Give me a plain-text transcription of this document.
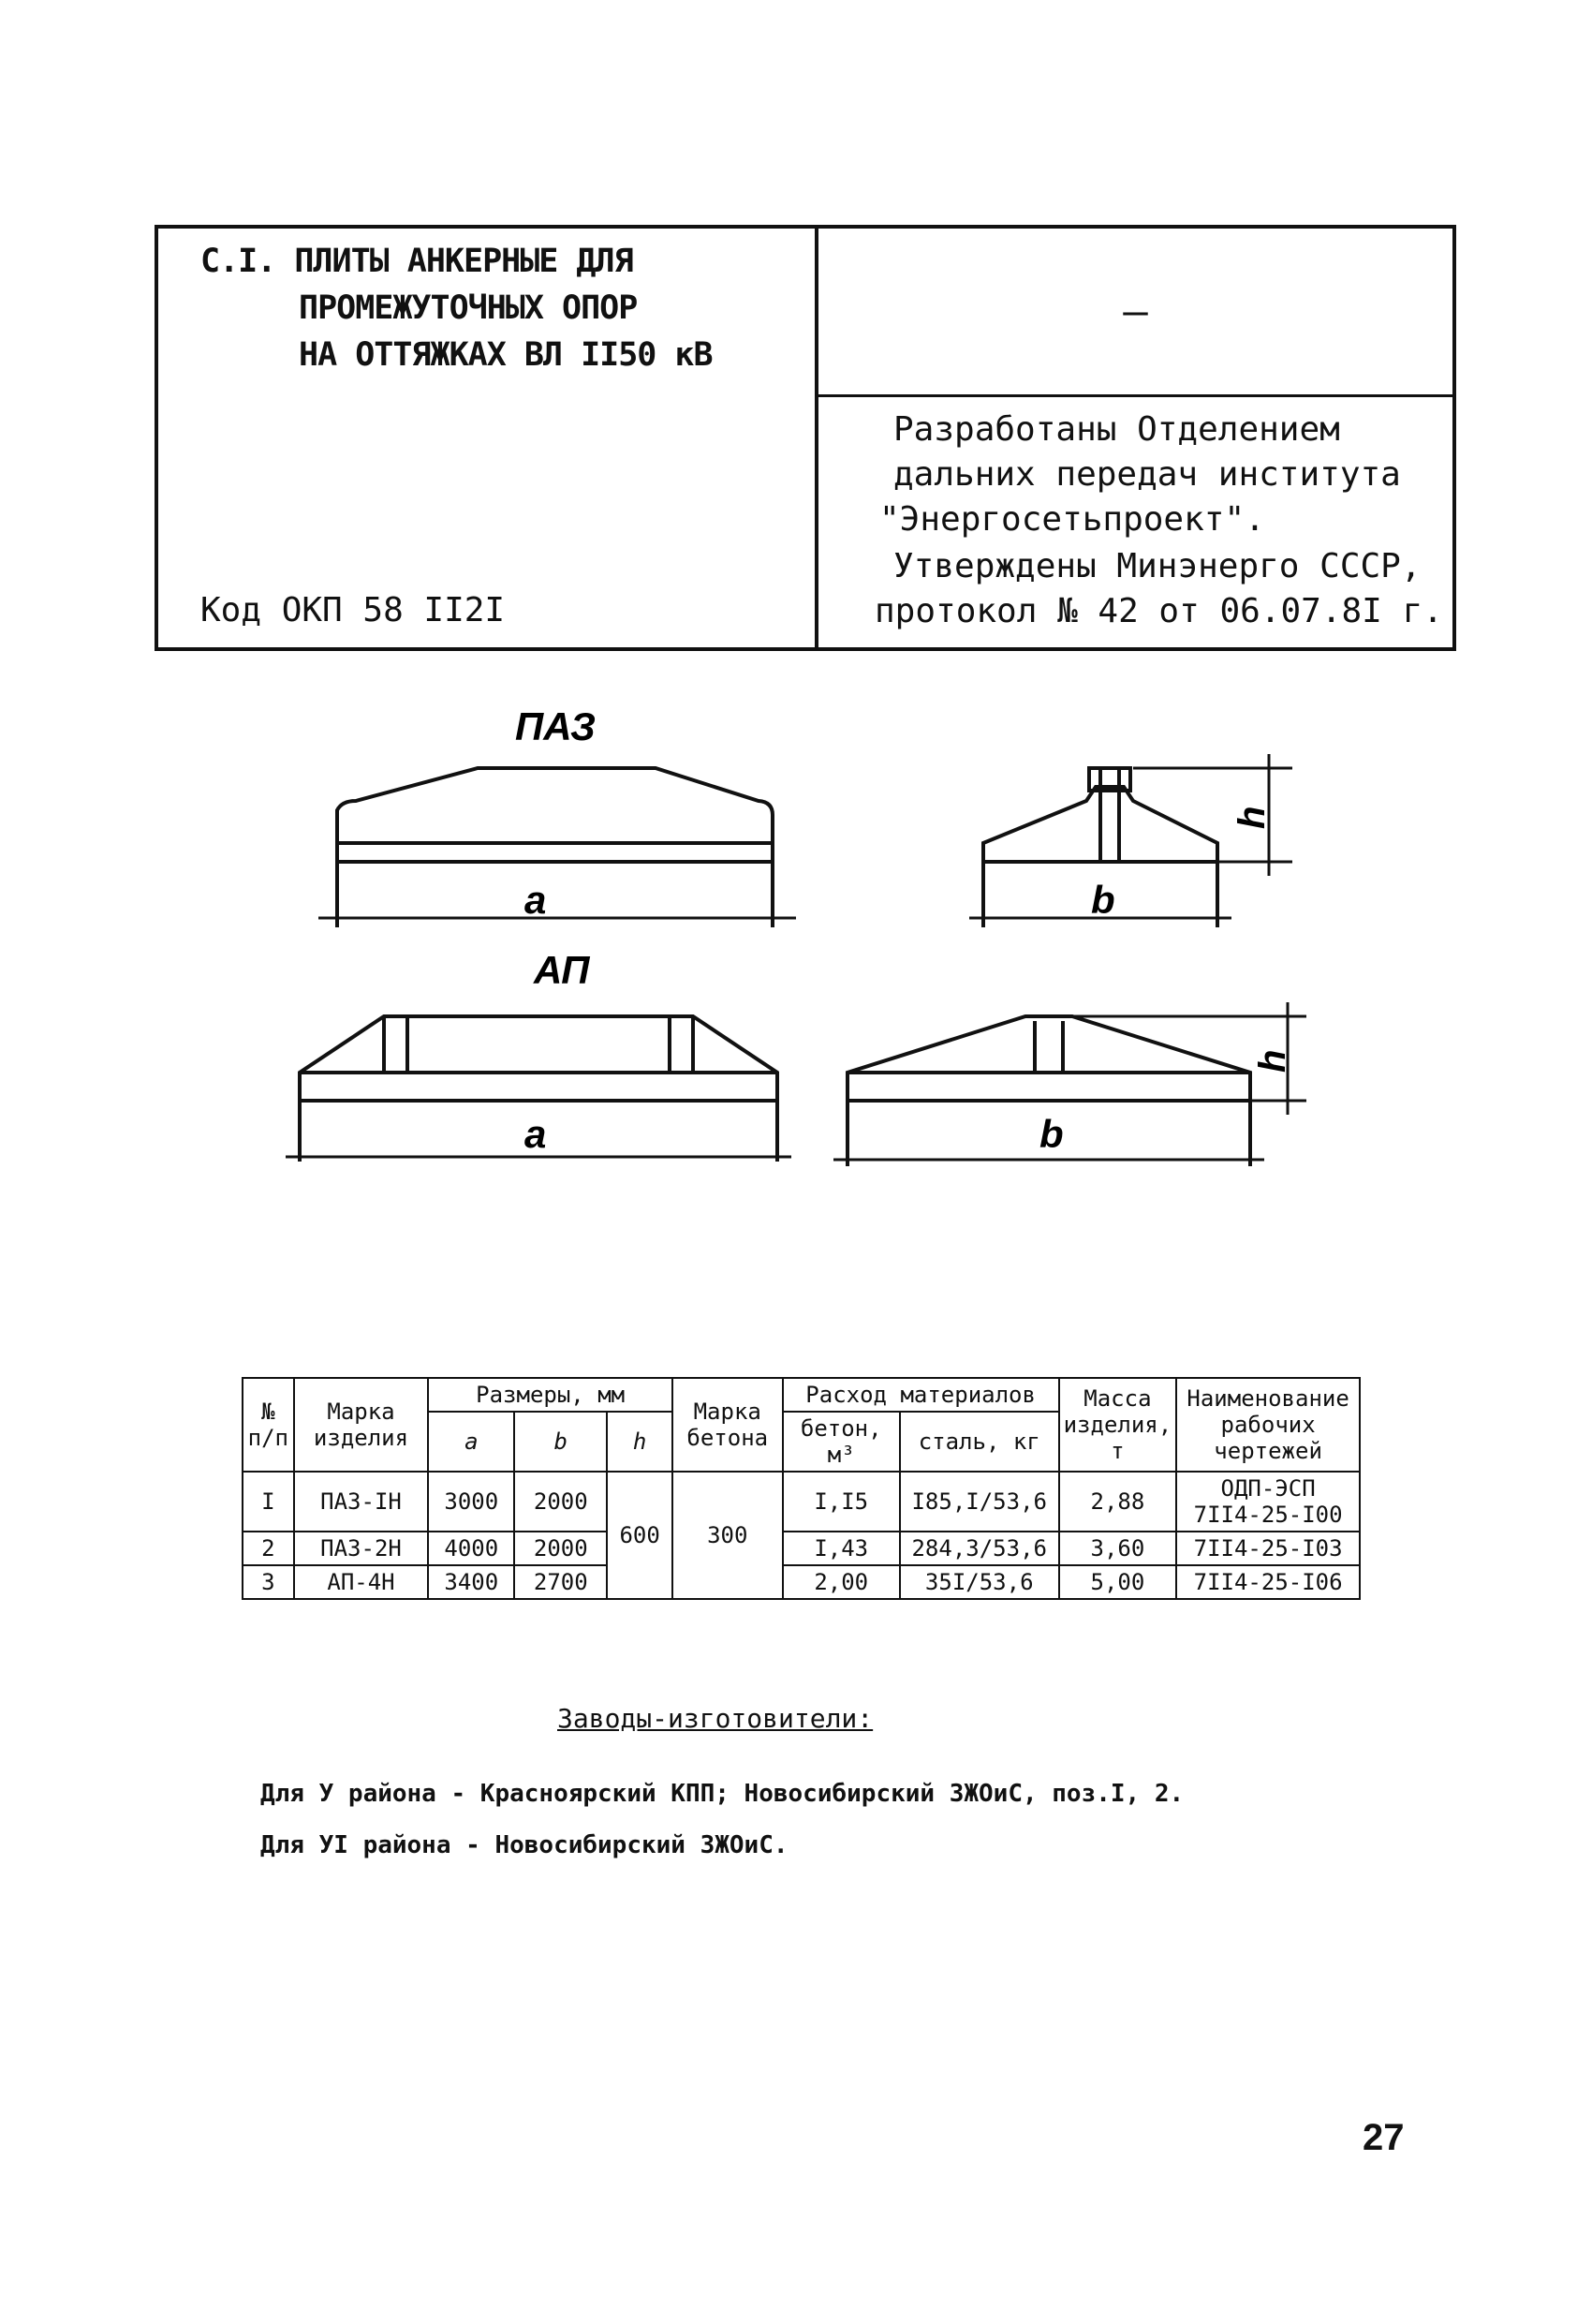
С.I. ПЛИТЫ АНКЕРНЫЕ ДЛЯ
ПРОМЕЖУТОЧНЫХ ОПОР
НА ОТТЯЖКАХ ВЛ II50 кВ
Код ОКП 58 II2I
—
Разработаны Отделением
дальних передач института
"Энергосетьпроект".
Утверждены Минэнерго СССР,
протокол № 42 от 06.07.8I г.
ПАЗ
АП
a	b
h
a	b
h
№ п/п	Марка изделия	Размеры, мм			Марка бетона	Расход материалов		Масса изделия, т	Наименование рабочих чертежей
		a	b	h		бетон, м³	сталь, кг		
I	ПАЗ-IН	3000	2000	600	300	I,I5	I85,I/53,6	2,88	ОДП-ЭСП 7II4-25-I00
2	ПАЗ-2Н	4000	2000			I,43	284,3/53,6	3,60	7II4-25-I03
3	АП-4Н	3400	2700			2,00	35I/53,6	5,00	7II4-25-I06
Заводы-изготовители:
Для У района - Красноярский КПП; Новосибирский ЗЖОиС, поз.I, 2.
Для УI района - Новосибирский ЗЖОиС.
27
